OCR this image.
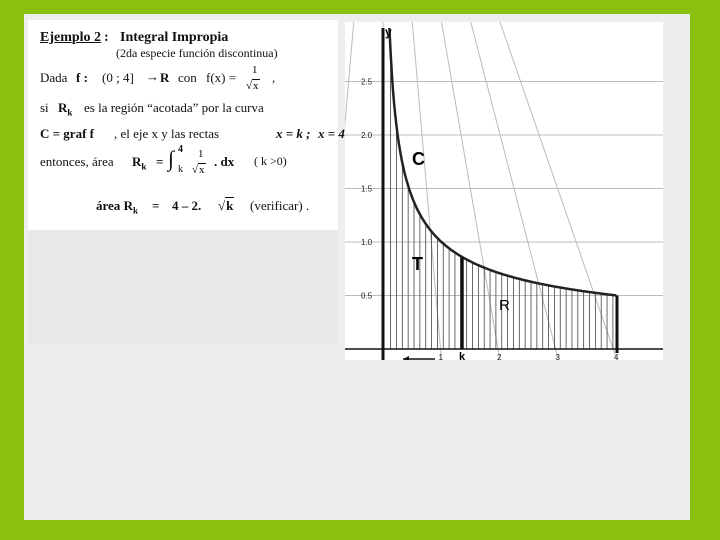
Ejemplo 2 : Integral Impropia
(2da especie función discontinua)
Dada f : (0 ; 4] → R con f(x) = 1
√x
,
si $R_k$ es la región “acotada” por la curva
C = graf f , el eje x y las rectas	x = k ; x = 4
entonces, área $R_k$ = ∫ 4
k
1
√x
. dx ( k >0)
área $R_k = 4 - 2$. √k (verificar) .
0.5
1.0
1.5
2.0
2.5
1	2	3	4
y
C
T
R
k
